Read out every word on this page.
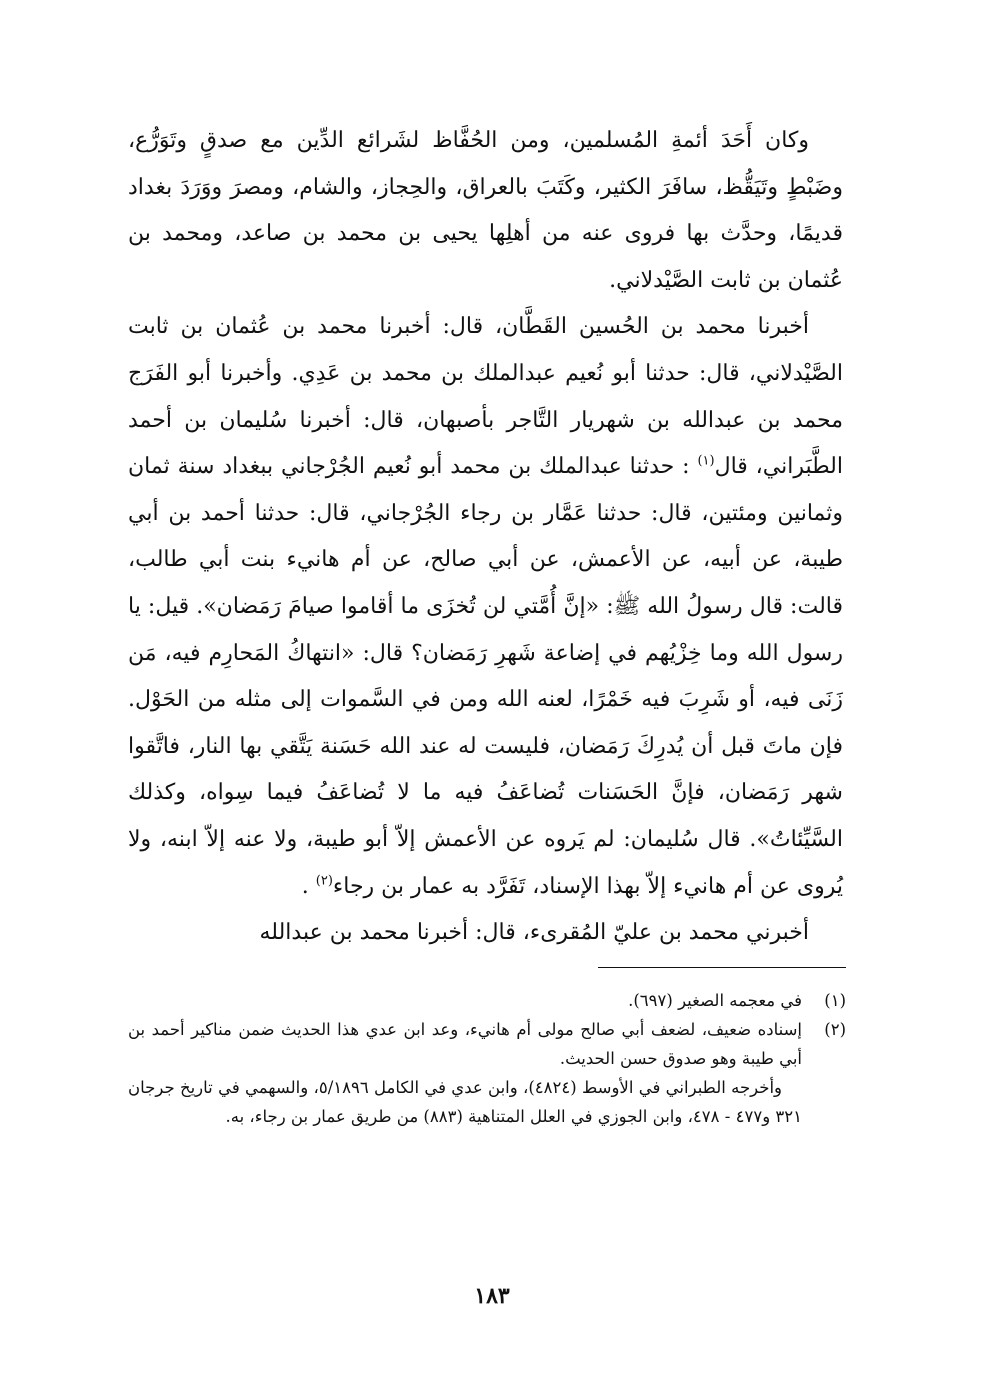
وكان أَحَدَ أئمةِ المُسلمين، ومن الحُفَّاظ لشَرائع الدِّين مع صدقٍ وتَوَرُّع، وضَبْطٍ وتَيَقُّظ، سافَرَ الكثير، وكَتَبَ بالعراق، والحِجاز، والشام، ومصرَ ووَرَدَ بغداد قديمًا، وحدَّث بها فروى عنه من أهلِها يحيى بن محمد بن صاعد، ومحمد بن عُثمان بن ثابت الصَّيْدلاني.

أخبرنا محمد بن الحُسين القَطَّان، قال: أخبرنا محمد بن عُثمان بن ثابت الصَّيْدلاني، قال: حدثنا أبو نُعيم عبدالملك بن محمد بن عَدِي. وأخبرنا أبو الفَرَج محمد بن عبدالله بن شهريار التَّاجر بأصبهان، قال: أخبرنا سُليمان بن أحمد الطَّبَراني، قال$^{(١)}$ : حدثنا عبدالملك بن محمد أبو نُعيم الجُرْجاني ببغداد سنة ثمان وثمانين ومئتين، قال: حدثنا عَمَّار بن رجاء الجُرْجاني، قال: حدثنا أحمد بن أبي طيبة، عن أبيه، عن الأعمش، عن أبي صالح، عن أم هانيء بنت أبي طالب، قالت: قال رسولُ الله ﷺ: «إنَّ أُمَّتي لن تُخزَى ما أقاموا صيامَ رَمَضان». قيل: يا رسول الله وما خِزْيُهم في إضاعة شَهرِ رَمَضان؟ قال: «انتهاكُ المَحارِم فيه، مَن زَنَى فيه، أو شَرِبَ فيه خَمْرًا، لعنه الله ومن في السَّموات إلى مثله من الحَوْل. فإن ماتَ قبل أن يُدرِكَ رَمَضان، فليست له عند الله حَسَنة يَتَّقي بها النار، فاتَّقوا شهر رَمَضان، فإنَّ الحَسَنات تُضاعَفُ فيه ما لا تُضاعَفُ فيما سِواه، وكذلك السَّيِّئاتُ». قال سُليمان: لم يَروه عن الأعمش إلاّ أبو طيبة، ولا عنه إلاّ ابنه، ولا يُروى عن أم هانيء إلاّ بهذا الإسناد، تَفَرَّد به عمار بن رجاء$^{(٢)}$ .

أخبرني محمد بن عليّ المُقرىء، قال: أخبرنا محمد بن عبدالله

(١)

في معجمه الصغير (٦٩٧).

(٢)

إسناده ضعيف، لضعف أبي صالح مولى أم هانيء، وعد ابن عدي هذا الحديث ضمن مناكير أحمد بن أبي طيبة وهو صدوق حسن الحديث.

وأخرجه الطبراني في الأوسط (٤٨٢٤)، وابن عدي في الكامل ٥/١٨٩٦، والسهمي في تاريخ جرجان ٣٢١ و٤٧٧ - ٤٧٨، وابن الجوزي في العلل المتناهية (٨٨٣) من طريق عمار بن رجاء، به.

١٨٣
